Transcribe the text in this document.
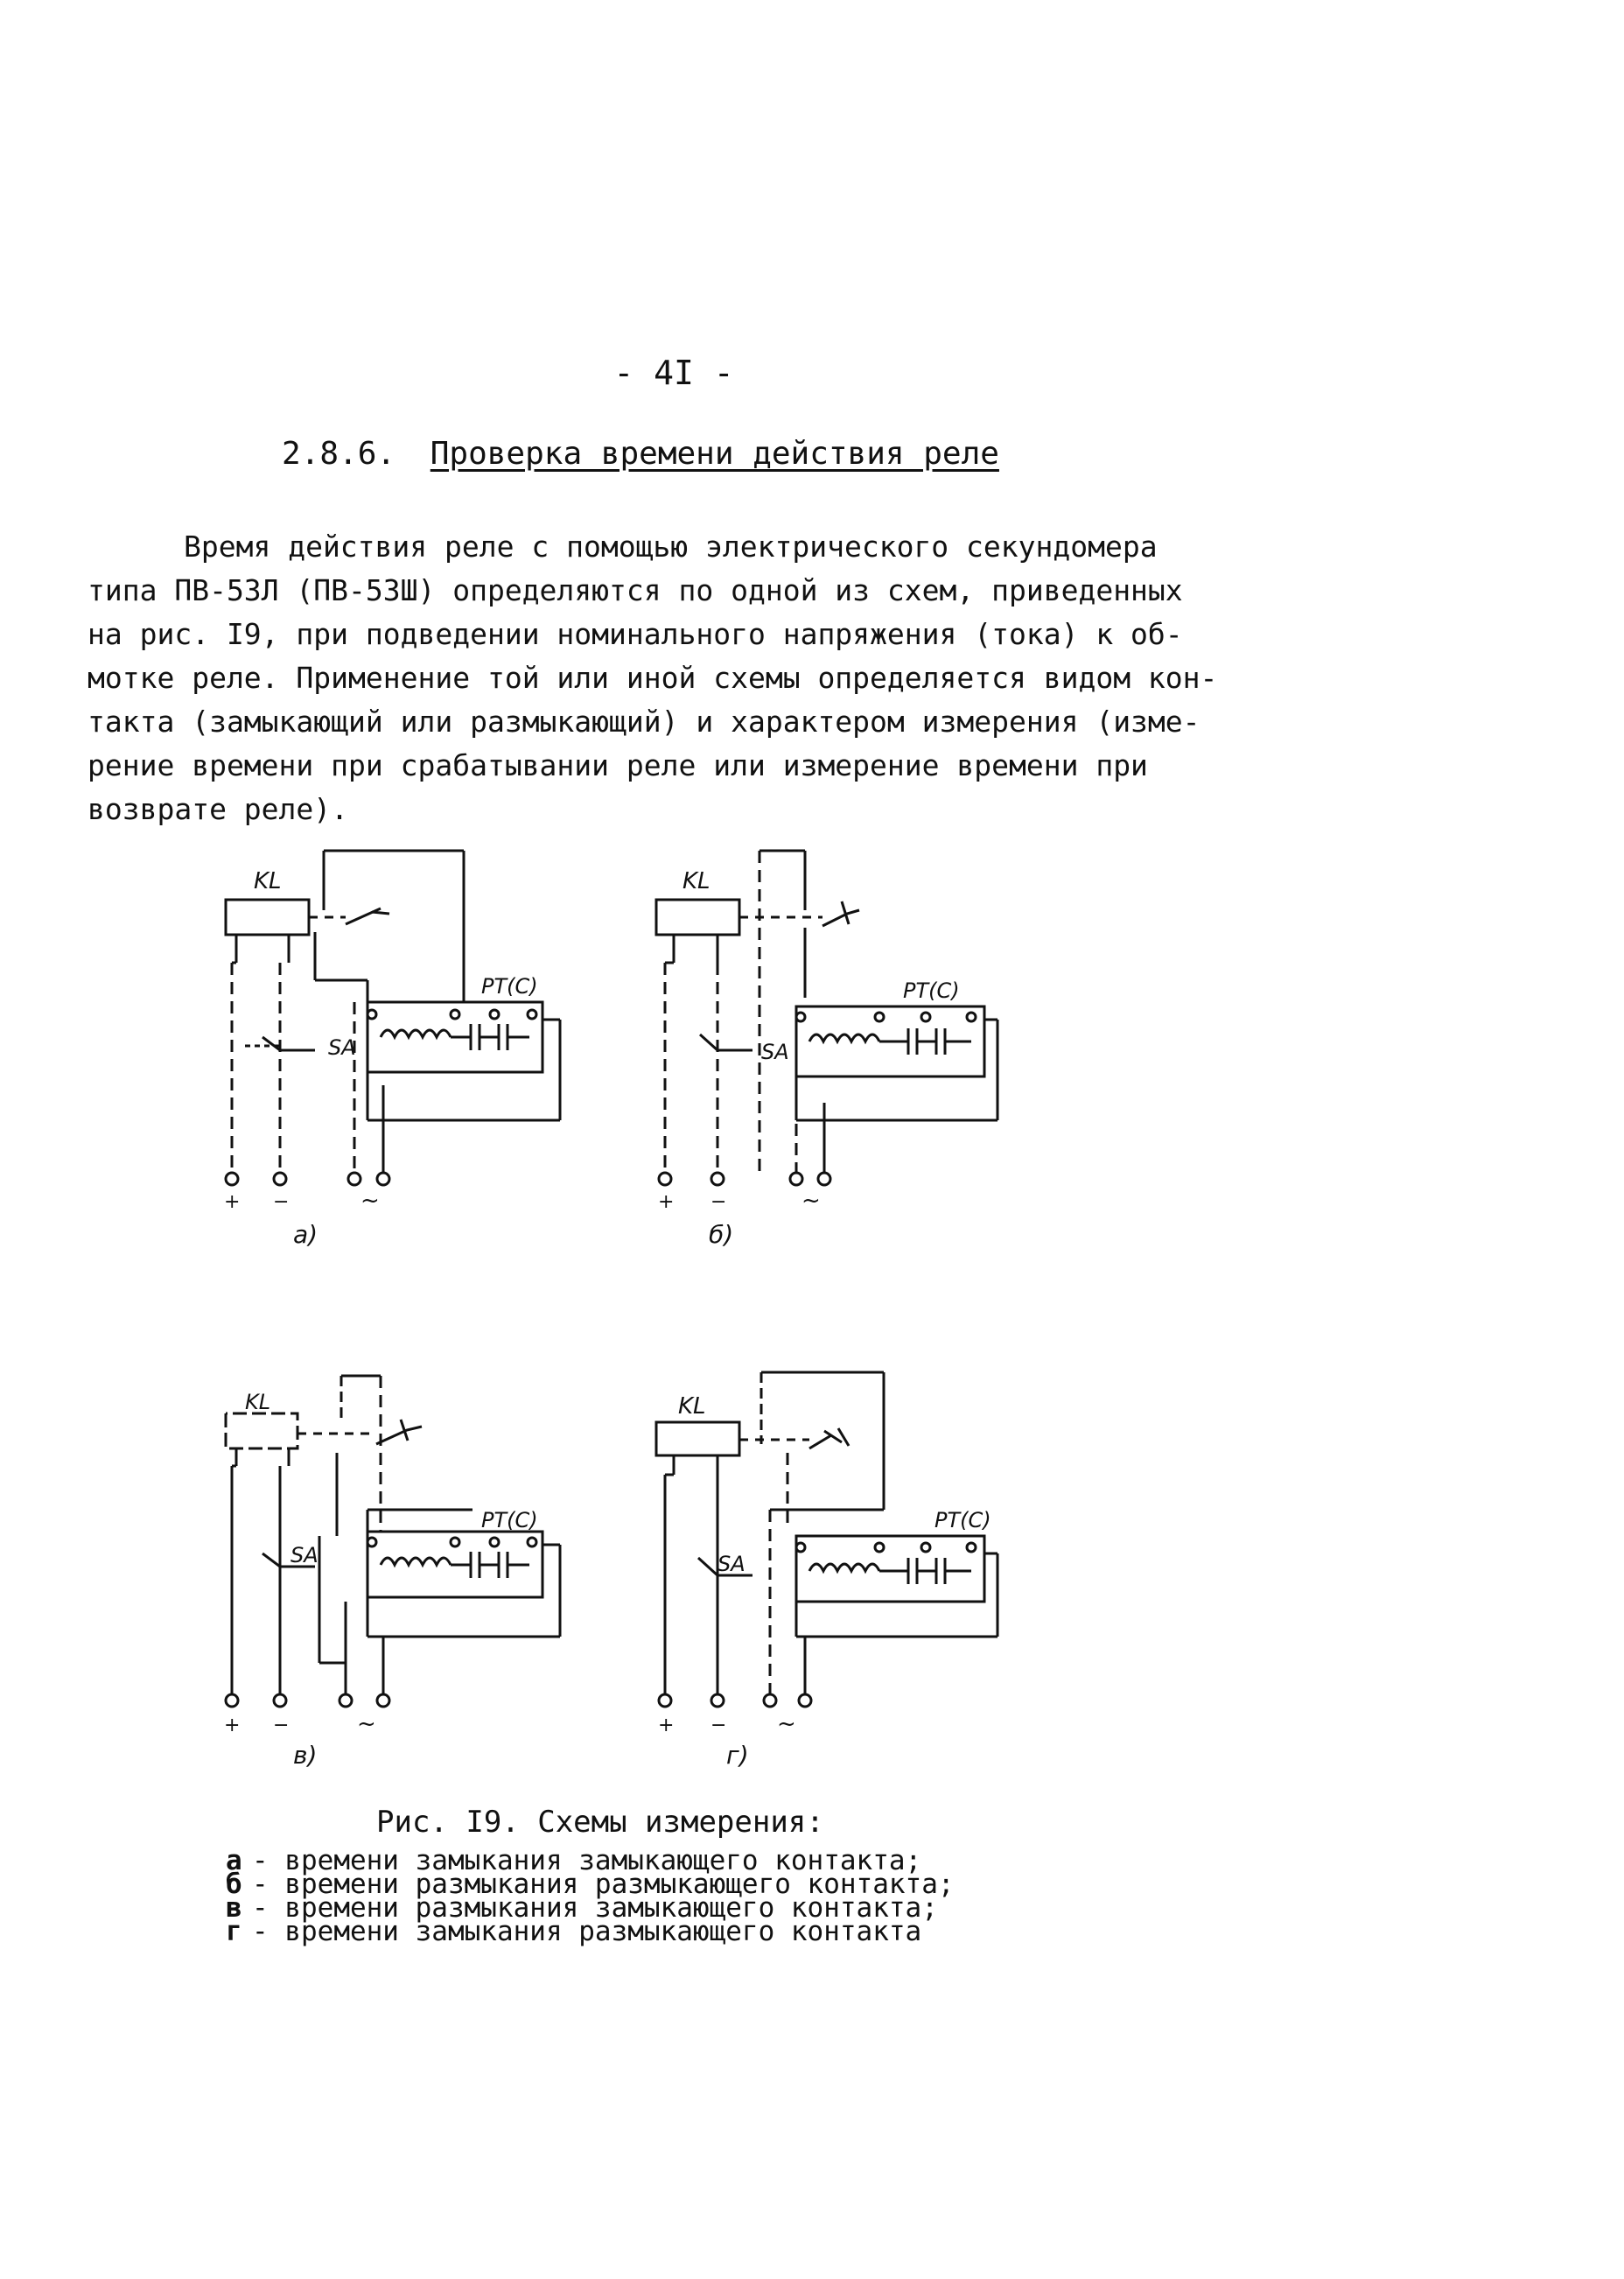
- 4I -
2.8.6. Проверка времени действия реле
Время действия реле с помощью электрического секундомера
типа ПВ-53Л (ПВ-53Ш) определяются по одной из схем, приведенных
на рис. I9, при подведении номинального напряжения (тока) к об-
мотке реле. Применение той или иной схемы определяется видом кон-
такта (замыкающий или размыкающий) и характером измерения (изме-
рение времени при срабатывании реле или измерение времени при
возврате реле).
KL
SA
PT(C)
+ −	~
а)
KL
SA
PT(C)
+ −	~
б)
KL
SA
PT(C)
+ −	~
в)
KL
SA
PT(C)
+ − ~
г)
Рис. I9. Схемы измерения:
а - времени замыкания замыкающего контакта;
б - времени размыкания размыкающего контакта;
в - времени размыкания замыкающего контакта;
г - времени замыкания размыкающего контакта
